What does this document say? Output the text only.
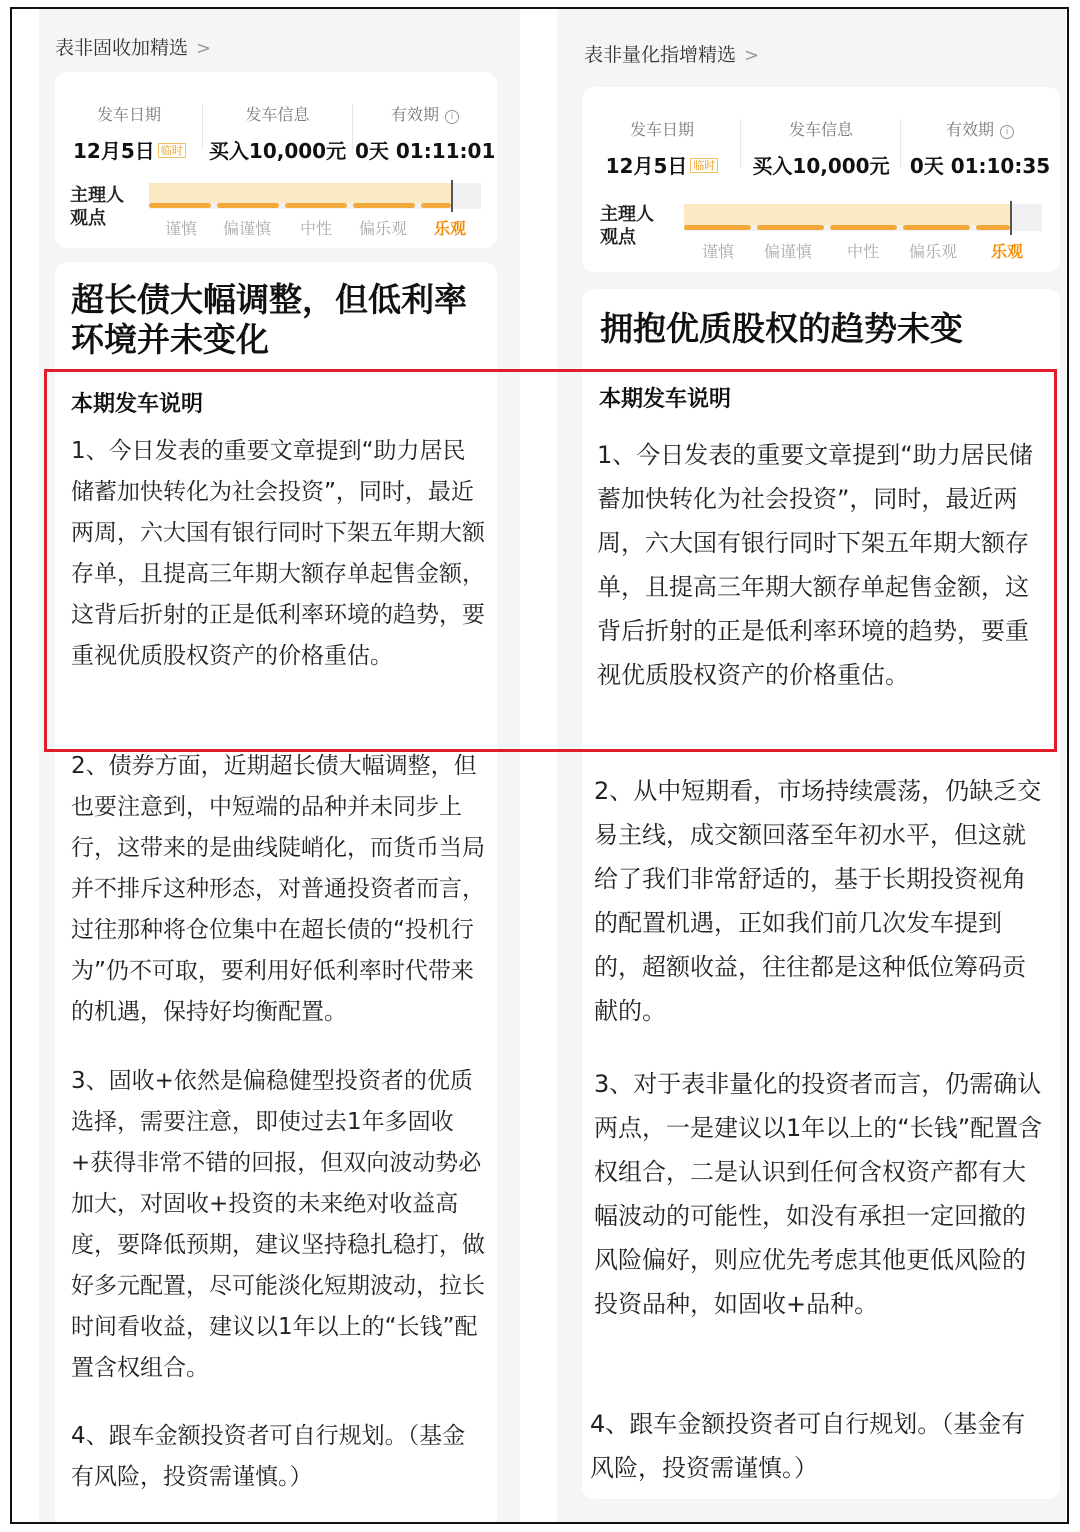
表非固收加精选 >
发车日期
12月5日 临时
发车信息
买入10,000元
有效期 i
0天 01:11:01
主理人观点	谨慎 偏谨慎 中性 偏乐观 乐观
超长债大幅调整，但低利率环境并未变化
本期发车说明
1、今日发表的重要文章提到“助力居民储蓄加快转化为社会投资”，同时，最近两周，六大国有银行同时下架五年期大额存单，且提高三年期大额存单起售金额，这背后折射的正是低利率环境的趋势，要重视优质股权资产的价格重估。
2、债券方面，近期超长债大幅调整，但也要注意到，中短端的品种并未同步上行，这带来的是曲线陡峭化，而货币当局并不排斥这种形态，对普通投资者而言，过往那种将仓位集中在超长债的“投机行为”仍不可取，要利用好低利率时代带来的机遇，保持好均衡配置。
3、固收+依然是偏稳健型投资者的优质选择，需要注意，即使过去1年多固收+获得非常不错的回报，但双向波动势必加大，对固收+投资的未来绝对收益高度，要降低预期，建议坚持稳扎稳打，做好多元配置，尽可能淡化短期波动，拉长时间看收益，建议以1年以上的“长钱”配置含权组合。
4、跟车金额投资者可自行规划。（基金有风险，投资需谨慎。）
表非量化指增精选 >
发车日期
12月5日 临时
发车信息
买入10,000元
有效期 i
0天 01:10:35
主理人观点
谨慎 偏谨慎 中性 偏乐观 乐观
拥抱优质股权的趋势未变
本期发车说明
1、今日发表的重要文章提到“助力居民储蓄加快转化为社会投资”，同时，最近两周，六大国有银行同时下架五年期大额存单，且提高三年期大额存单起售金额，这背后折射的正是低利率环境的趋势，要重视优质股权资产的价格重估。
2、从中短期看，市场持续震荡，仍缺乏交易主线，成交额回落至年初水平，但这就给了我们非常舒适的，基于长期投资视角的配置机遇，正如我们前几次发车提到的，超额收益，往往都是这种低位筹码贡献的。
3、对于表非量化的投资者而言，仍需确认两点，一是建议以1年以上的“长钱”配置含权组合，二是认识到任何含权资产都有大幅波动的可能性，如没有承担一定回撤的风险偏好，则应优先考虑其他更低风险的投资品种，如固收+品种。
4、跟车金额投资者可自行规划。（基金有风险，投资需谨慎。）
